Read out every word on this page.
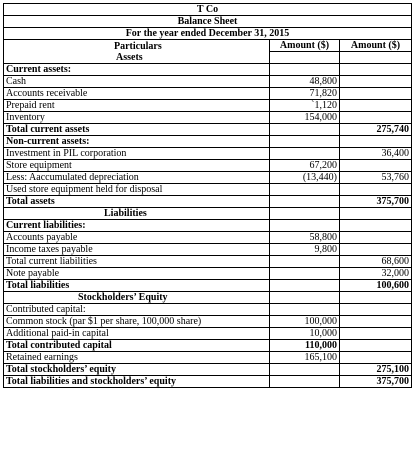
T Co		
Balance Sheet		
For the year ended December 31, 2015		
Particulars	Amount ($)	Amount ($)
Assets		
Current assets:		
Cash	48,800	
Accounts receivable	71,820	
Prepaid rent	`1,120	
Inventory	154,000	
Total current assets		275,740
Non-current assets:		
Investment in PIL corporation		36,400
Store equipment	67,200	
Less: Aaccumulated depreciation	(13,440)	53,760
Used store equipment held for disposal		
Total assets		375,700
Liabilities		
Current liabilities:		
Accounts payable	58,800	
Income taxes payable	9,800	
Total current liabilities		68,600
Note payable		32,000
Total liabilities		100,600
Stockholders’ Equity		
Contributed capital:		
Common stock (par $1 per share, 100,000 share)	100,000	
Additional paid-in capital	10,000	
Total contributed capital	110,000	
Retained earnings	165,100	
Total stockholders’ equity		275,100
Total liabilities and stockholders’ equity		375,700
